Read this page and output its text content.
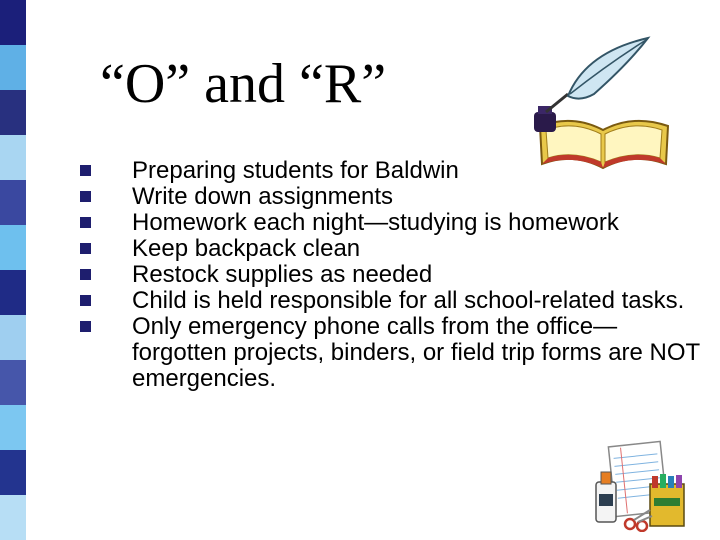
“O” and “R”
Preparing students for Baldwin
Write down assignments
Homework each night—studying is homework
Keep backpack clean
Restock supplies as needed
Child is held responsible for all school-related tasks.
Only emergency phone calls from the office—forgotten projects, binders, or field trip forms are NOT emergencies.
